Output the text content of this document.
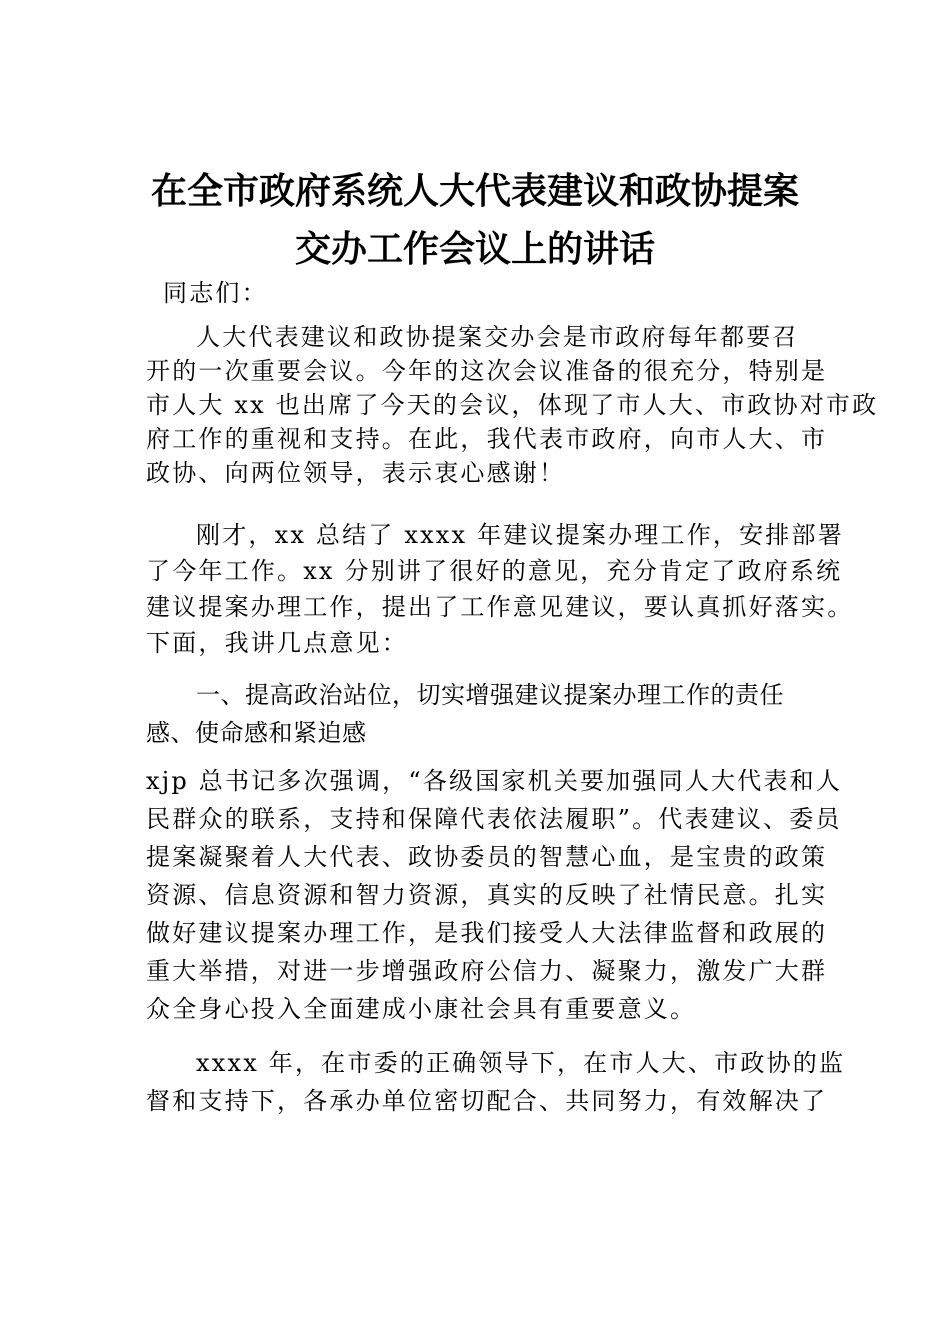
在全市政府系统人大代表建议和政协提案
交办工作会议上的讲话
同志们：
人大代表建议和政协提案交办会是市政府每年都要召
开的一次重要会议。今年的这次会议准备的很充分，特别是
市人大 xx 也出席了今天的会议，体现了市人大、市政协对市政
府工作的重视和支持。在此，我代表市政府，向市人大、市
政协、向两位领导，表示衷心感谢！
刚才，xx 总结了 xxxx 年建议提案办理工作，安排部署
了今年工作。xx 分别讲了很好的意见，充分肯定了政府系统
建议提案办理工作，提出了工作意见建议，要认真抓好落实。
下面，我讲几点意见：
一、提高政治站位，切实增强建议提案办理工作的责任
感、使命感和紧迫感
xjp 总书记多次强调，“各级国家机关要加强同人大代表和人
民群众的联系，支持和保障代表依法履职”。代表建议、委员
提案凝聚着人大代表、政协委员的智慧心血，是宝贵的政策
资源、信息资源和智力资源，真实的反映了社情民意。扎实
做好建议提案办理工作，是我们接受人大法律监督和政展的
重大举措，对进一步增强政府公信力、凝聚力，激发广大群
众全身心投入全面建成小康社会具有重要意义。
xxxx 年，在市委的正确领导下，在市人大、市政协的监
督和支持下，各承办单位密切配合、共同努力，有效解决了
